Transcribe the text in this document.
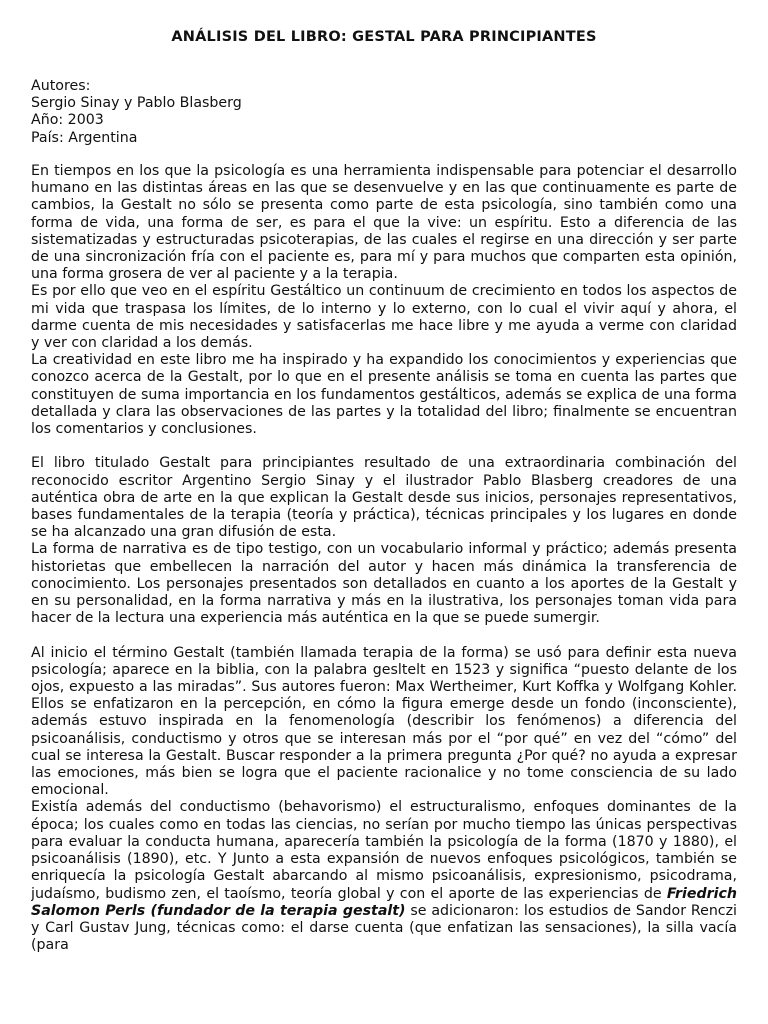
ANÁLISIS DEL LIBRO: GESTAL PARA PRINCIPIANTES
Autores:
Sergio Sinay y Pablo Blasberg
Año: 2003
País: Argentina

En tiempos en los que la psicología es una herramienta indispensable para potenciar el desarrollo humano en las distintas áreas en las que se desenvuelve y en las que continuamente es parte de cambios, la Gestalt no sólo se presenta como parte de esta psicología, sino también como una forma de vida, una forma de ser, es para el que la vive: un espíritu. Esto a diferencia de las sistematizadas y estructuradas psicoterapias, de las cuales el regirse en una dirección y ser parte de una sincronización fría con el paciente es, para mí y para muchos que comparten esta opinión, una forma grosera de ver al paciente y a la terapia.

Es por ello que veo en el espíritu Gestáltico un continuum de crecimiento en todos los aspectos de mi vida que traspasa los límites, de lo interno y lo externo, con lo cual el vivir aquí y ahora, el darme cuenta de mis necesidades y satisfacerlas me hace libre y me ayuda a verme con claridad y ver con claridad a los demás.

La creatividad en este libro me ha inspirado y ha expandido los conocimientos y experiencias que conozco acerca de la Gestalt, por lo que en el presente análisis se toma en cuenta las partes que constituyen de suma importancia en los fundamentos gestálticos, además se explica de una forma detallada y clara las observaciones de las partes y la totalidad del libro; finalmente se encuentran los comentarios y conclusiones.

El libro titulado Gestalt para principiantes resultado de una extraordinaria combinación del reconocido escritor Argentino Sergio Sinay y el ilustrador Pablo Blasberg creadores de una auténtica obra de arte en la que explican la Gestalt desde sus inicios, personajes representativos, bases fundamentales de la terapia (teoría y práctica), técnicas principales y los lugares en donde se ha alcanzado una gran difusión de esta.

La forma de narrativa es de tipo testigo, con un vocabulario informal y práctico; además presenta historietas que embellecen la narración del autor y hacen más dinámica la transferencia de conocimiento. Los personajes presentados son detallados en cuanto a los aportes de la Gestalt y en su personalidad, en la forma narrativa y más en la ilustrativa, los personajes toman vida para hacer de la lectura una experiencia más auténtica en la que se puede sumergir.

Al inicio el término Gestalt (también llamada terapia de la forma) se usó para definir esta nueva psicología; aparece en la biblia, con la palabra gesltelt en 1523 y significa “puesto delante de los ojos, expuesto a las miradas”. Sus autores fueron: Max Wertheimer, Kurt Koffka y Wolfgang Kohler. Ellos se enfatizaron en la percepción, en cómo la figura emerge desde un fondo (inconsciente), además estuvo inspirada en la fenomenología (describir los fenómenos) a diferencia del psicoanálisis, conductismo y otros que se interesan más por el “por qué” en vez del “cómo” del cual se interesa la Gestalt. Buscar responder a la primera pregunta ¿Por qué? no ayuda a expresar las emociones, más bien se logra que el paciente racionalice y no tome consciencia de su lado emocional.

Existía además del conductismo (behavorismo) el estructuralismo, enfoques dominantes de la época; los cuales como en todas las ciencias, no serían por mucho tiempo las únicas perspectivas para evaluar la conducta humana, aparecería también la psicología de la forma (1870 y 1880), el psicoanálisis (1890), etc. Y Junto a esta expansión de nuevos enfoques psicológicos, también se enriquecía la psicología Gestalt abarcando al mismo psicoanálisis, expresionismo, psicodrama, judaísmo, budismo zen, el taoísmo, teoría global y con el aporte de las experiencias de Friedrich Salomon Perls (fundador de la terapia gestalt) se adicionaron: los estudios de Sandor Renczi y Carl Gustav Jung, técnicas como: el darse cuenta (que enfatizan las sensaciones), la silla vacía (para
